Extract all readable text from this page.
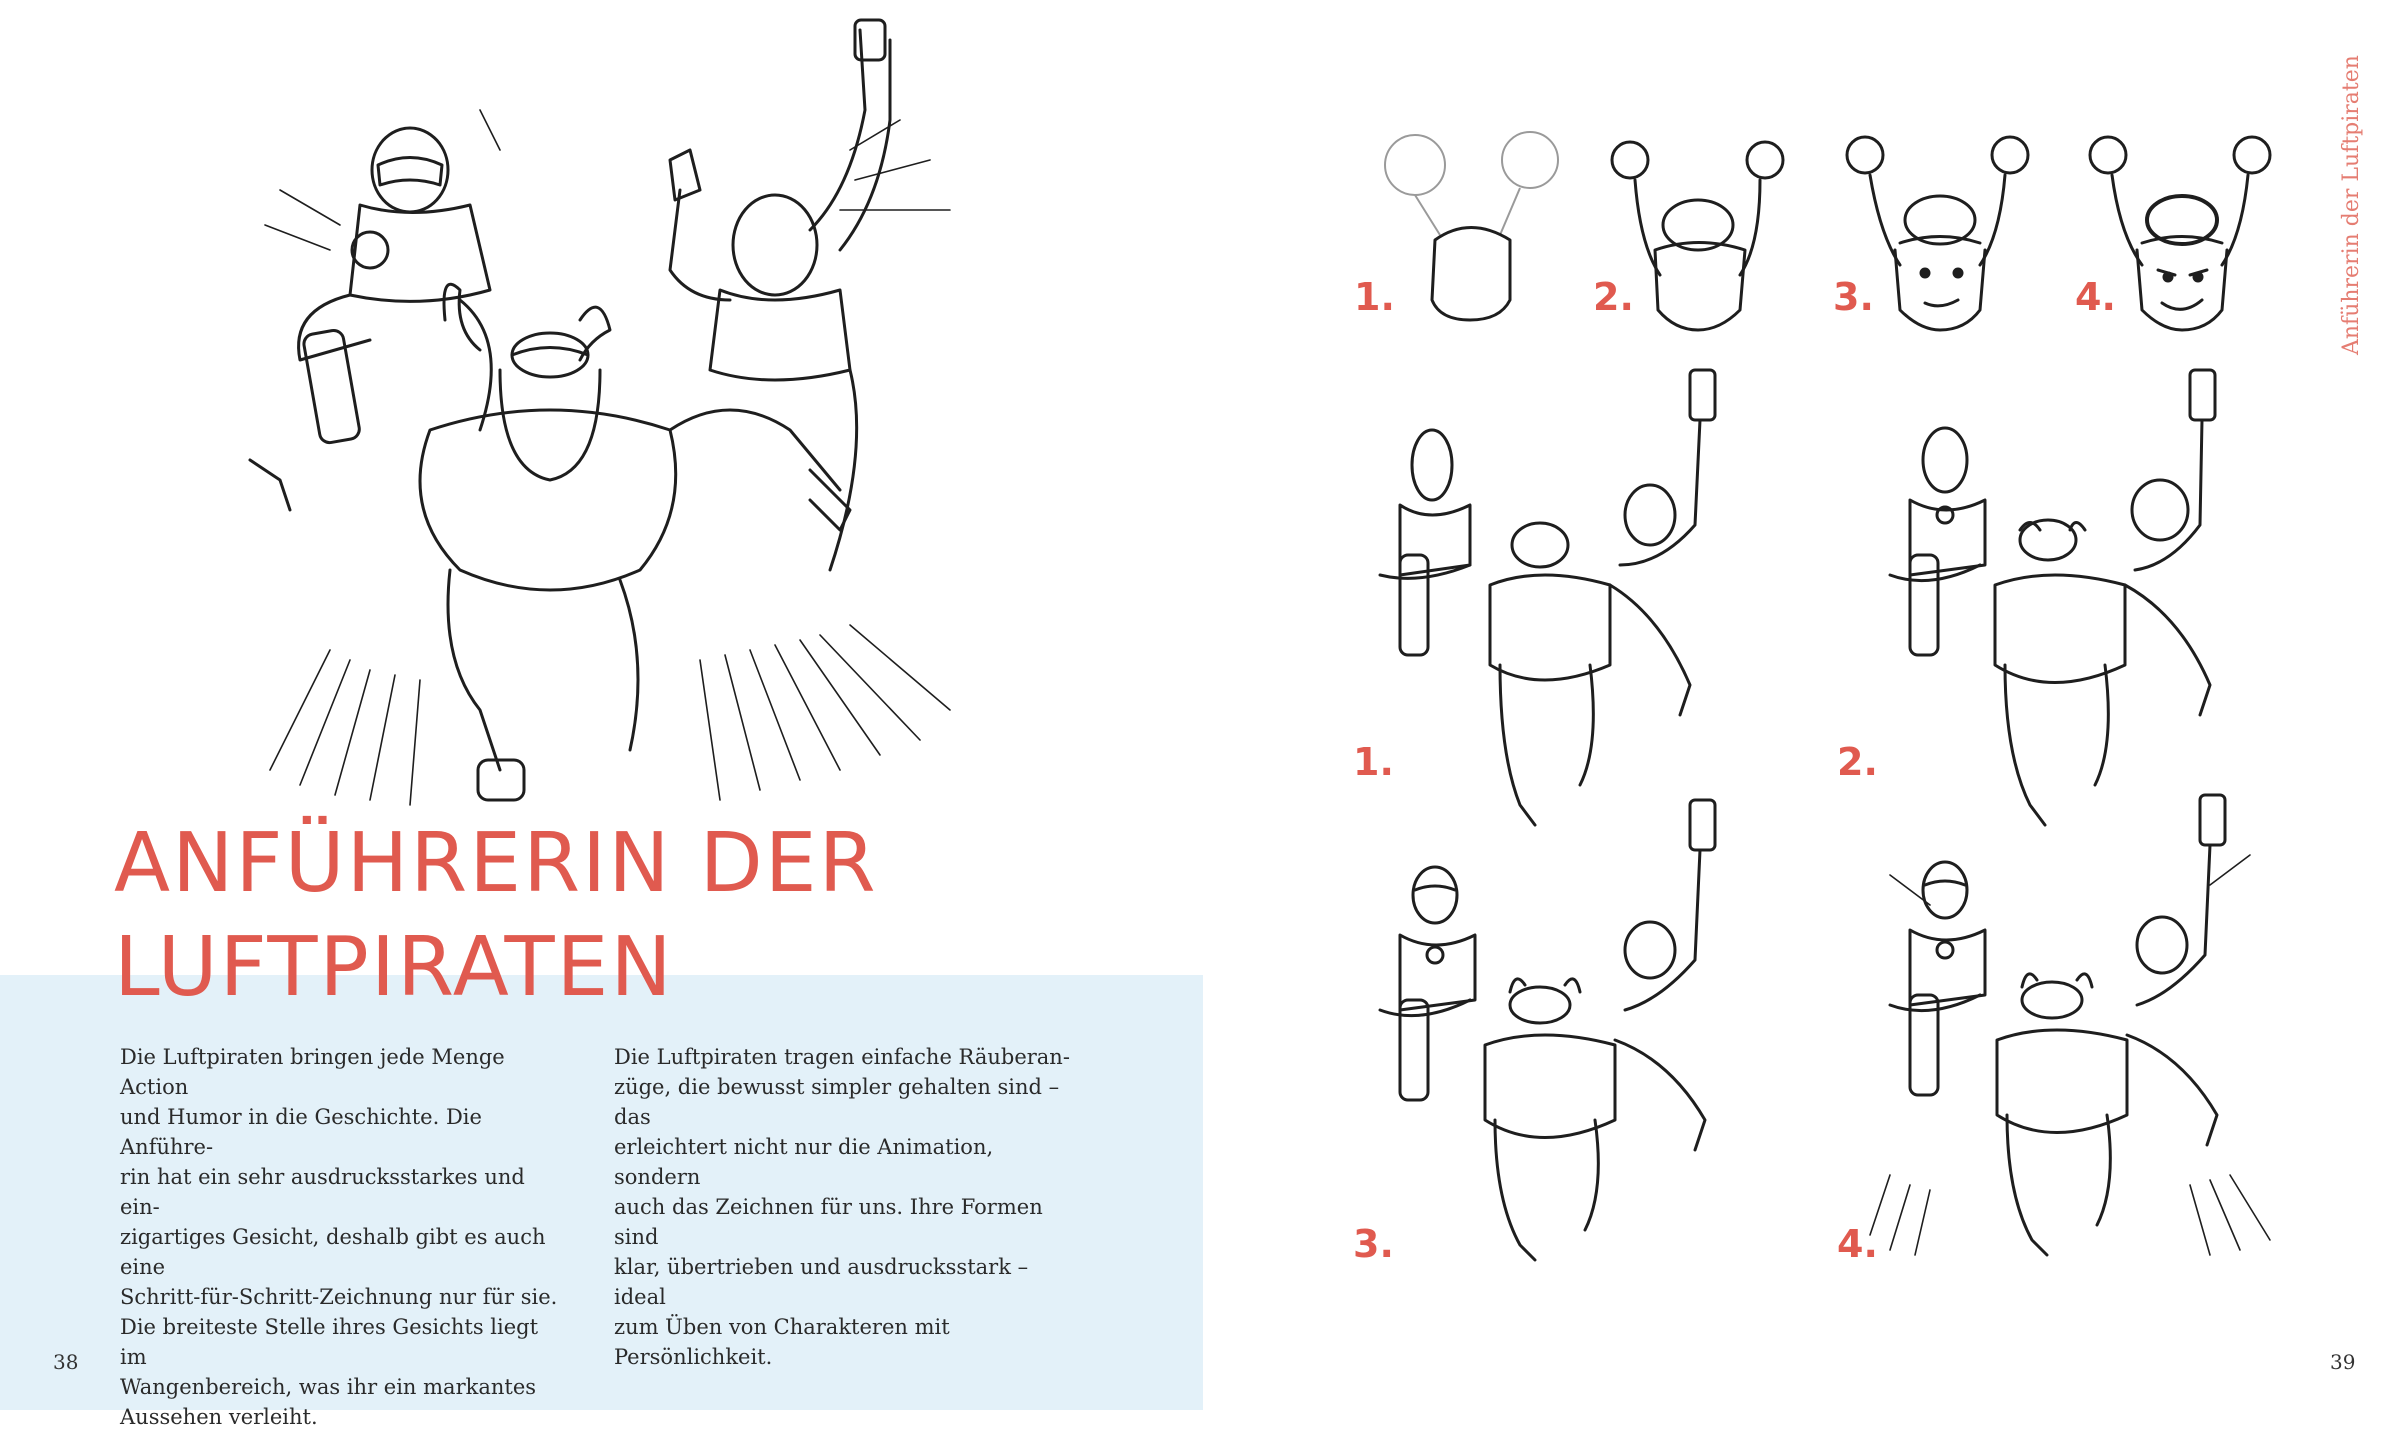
ANFÜHRERIN DER
LUFTPIRATEN
Die Luftpiraten bringen jede Menge Action
und Humor in die Geschichte. Die Anführe-
rin hat ein sehr ausdrucksstarkes und ein-
zigartiges Gesicht, deshalb gibt es auch eine
Schritt-für-Schritt-Zeichnung nur für sie.
Die breiteste Stelle ihres Gesichts liegt im
Wangenbereich, was ihr ein markantes
Aussehen verleiht.
Die Luftpiraten tragen einfache Räuberan-
züge, die bewusst simpler gehalten sind – das
erleichtert nicht nur die Animation, sondern
auch das Zeichnen für uns. Ihre Formen sind
klar, übertrieben und ausdrucksstark – ideal
zum Üben von Charakteren mit Persönlichkeit.
38	39
Anführerin der Luftpiraten
1.	2.	3.	4.
1.	2.
3.	4.
